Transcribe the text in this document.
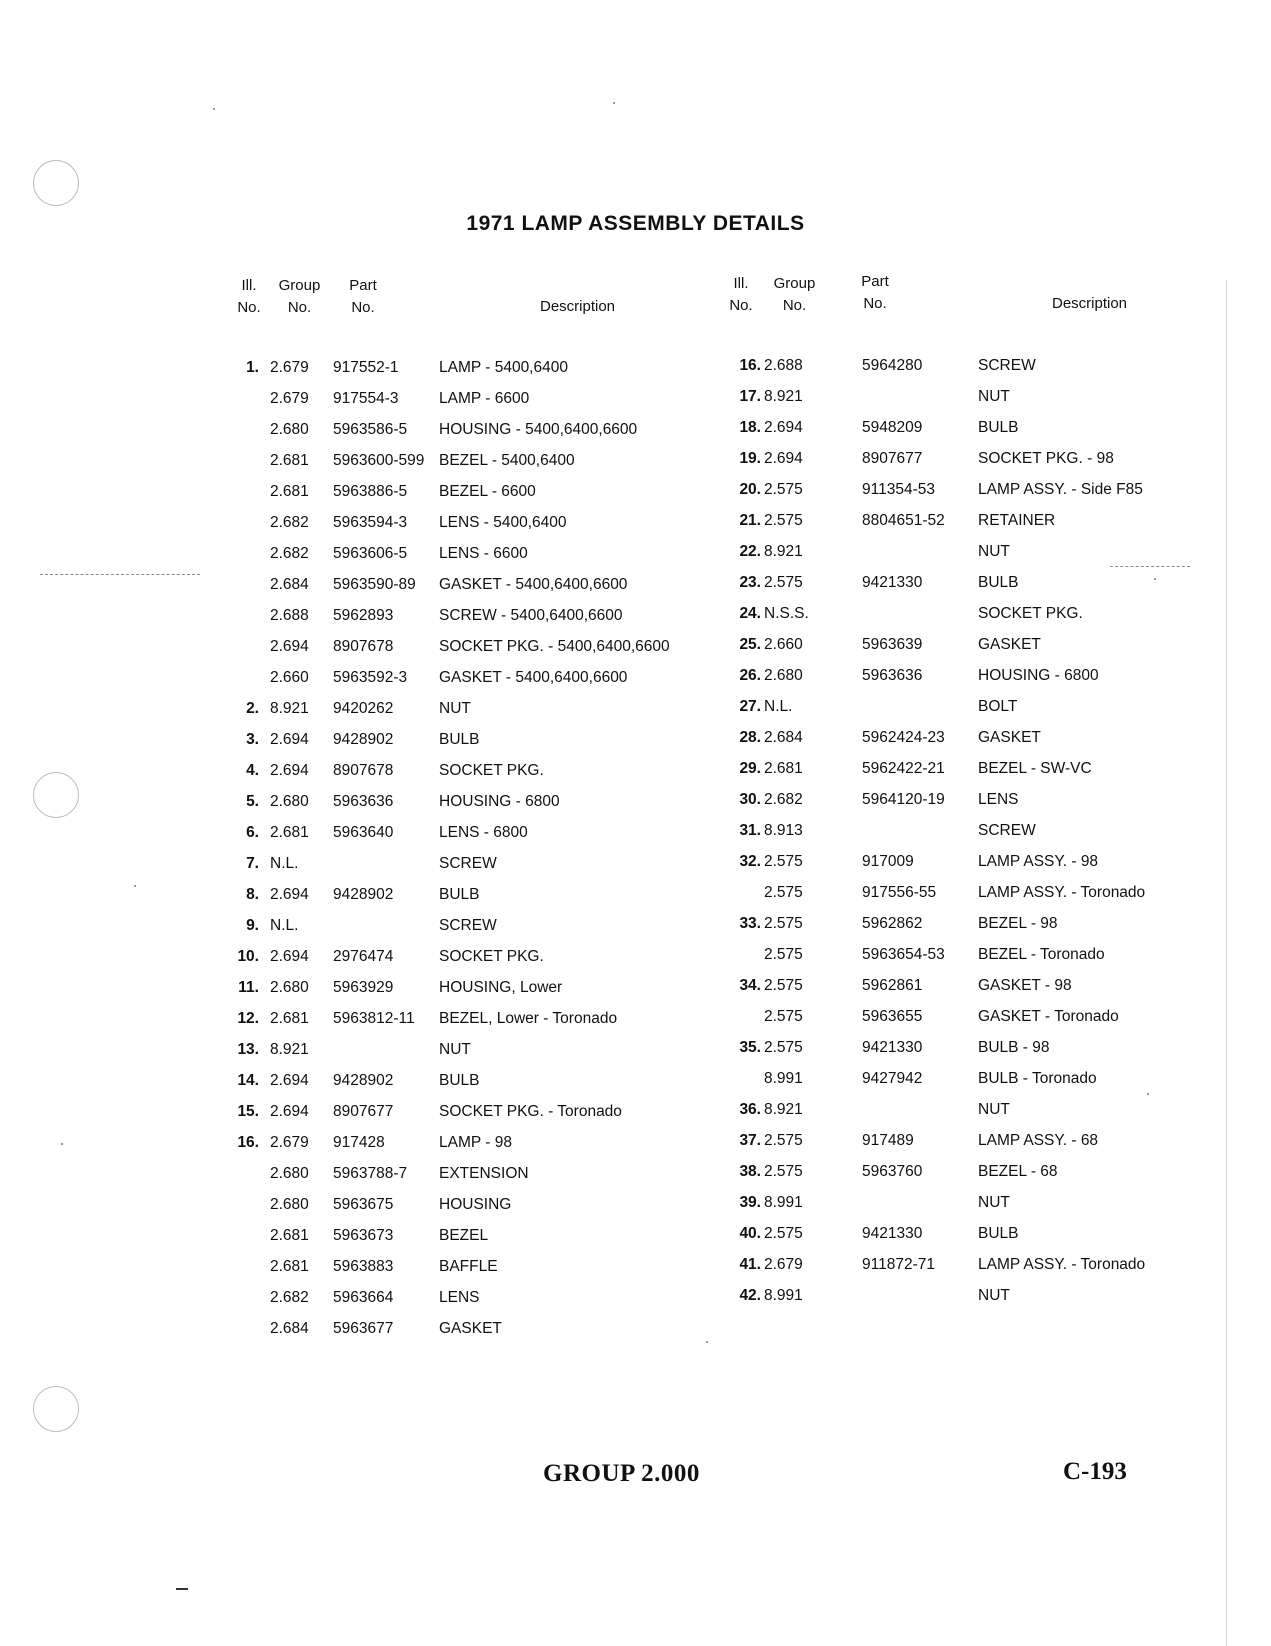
1971 LAMP ASSEMBLY DETAILS
Ill.
No.
Group
No.
Part
No.	Description
1. 2.679 917552-1	LAMP - 5400,6400
2.679 917554-3	LAMP - 6600
2.680 5963586-5 HOUSING - 5400,6400,6600
2.681 5963600-599 BEZEL - 5400,6400
2.681 5963886-5 BEZEL - 6600
2.682 5963594-3 LENS - 5400,6400
2.682 5963606-5 LENS - 6600
2.684 5963590-89 GASKET - 5400,6400,6600
2.688 5962893	SCREW - 5400,6400,6600
2.694 8907678	SOCKET PKG. - 5400,6400,6600
2.660 5963592-3 GASKET - 5400,6400,6600
2. 8.921 9420262	NUT
3. 2.694 9428902	BULB
4. 2.694 8907678	SOCKET PKG.
5. 2.680 5963636	HOUSING - 6800
6. 2.681 5963640	LENS - 6800
7. N.L.	SCREW
8. 2.694 9428902	BULB
9. N.L.	SCREW
10. 2.694 2976474	SOCKET PKG.
11. 2.680 5963929	HOUSING, Lower
12. 2.681 5963812-11 BEZEL, Lower - Toronado
13. 8.921	NUT
14. 2.694 9428902	BULB
15. 2.694 8907677	SOCKET PKG. - Toronado
16. 2.679 917428	LAMP - 98
2.680 5963788-7 EXTENSION
2.680 5963675	HOUSING
2.681 5963673	BEZEL
2.681 5963883	BAFFLE
2.682 5963664	LENS
2.684 5963677	GASKET
Ill.
No.
Group
No.
Part
No.	Description
16. 2.688	5964280	SCREW
17. 8.921	NUT
18. 2.694	5948209	BULB
19. 2.694	8907677	SOCKET PKG. - 98
20. 2.575	911354-53	LAMP ASSY. - Side F85
21. 2.575	8804651-52 RETAINER
22. 8.921	NUT
23. 2.575	9421330	BULB
24. N.S.S.	SOCKET PKG.
25. 2.660	5963639	GASKET
26. 2.680	5963636	HOUSING - 6800
27. N.L.	BOLT
28. 2.684	5962424-23 GASKET
29. 2.681	5962422-21 BEZEL - SW-VC
30. 2.682	5964120-19 LENS
31. 8.913	SCREW
32. 2.575	917009	LAMP ASSY. - 98
2.575	917556-55	LAMP ASSY. - Toronado
33. 2.575	5962862	BEZEL - 98
2.575	5963654-53 BEZEL - Toronado
34. 2.575	5962861	GASKET - 98
2.575	5963655	GASKET - Toronado
35. 2.575	9421330	BULB - 98
8.991	9427942	BULB - Toronado
36. 8.921	NUT
37. 2.575	917489	LAMP ASSY. - 68
38. 2.575	5963760	BEZEL - 68
39. 8.991	NUT
40. 2.575	9421330	BULB
41. 2.679	911872-71	LAMP ASSY. - Toronado
42. 8.991	NUT
GROUP 2.000	C-193
